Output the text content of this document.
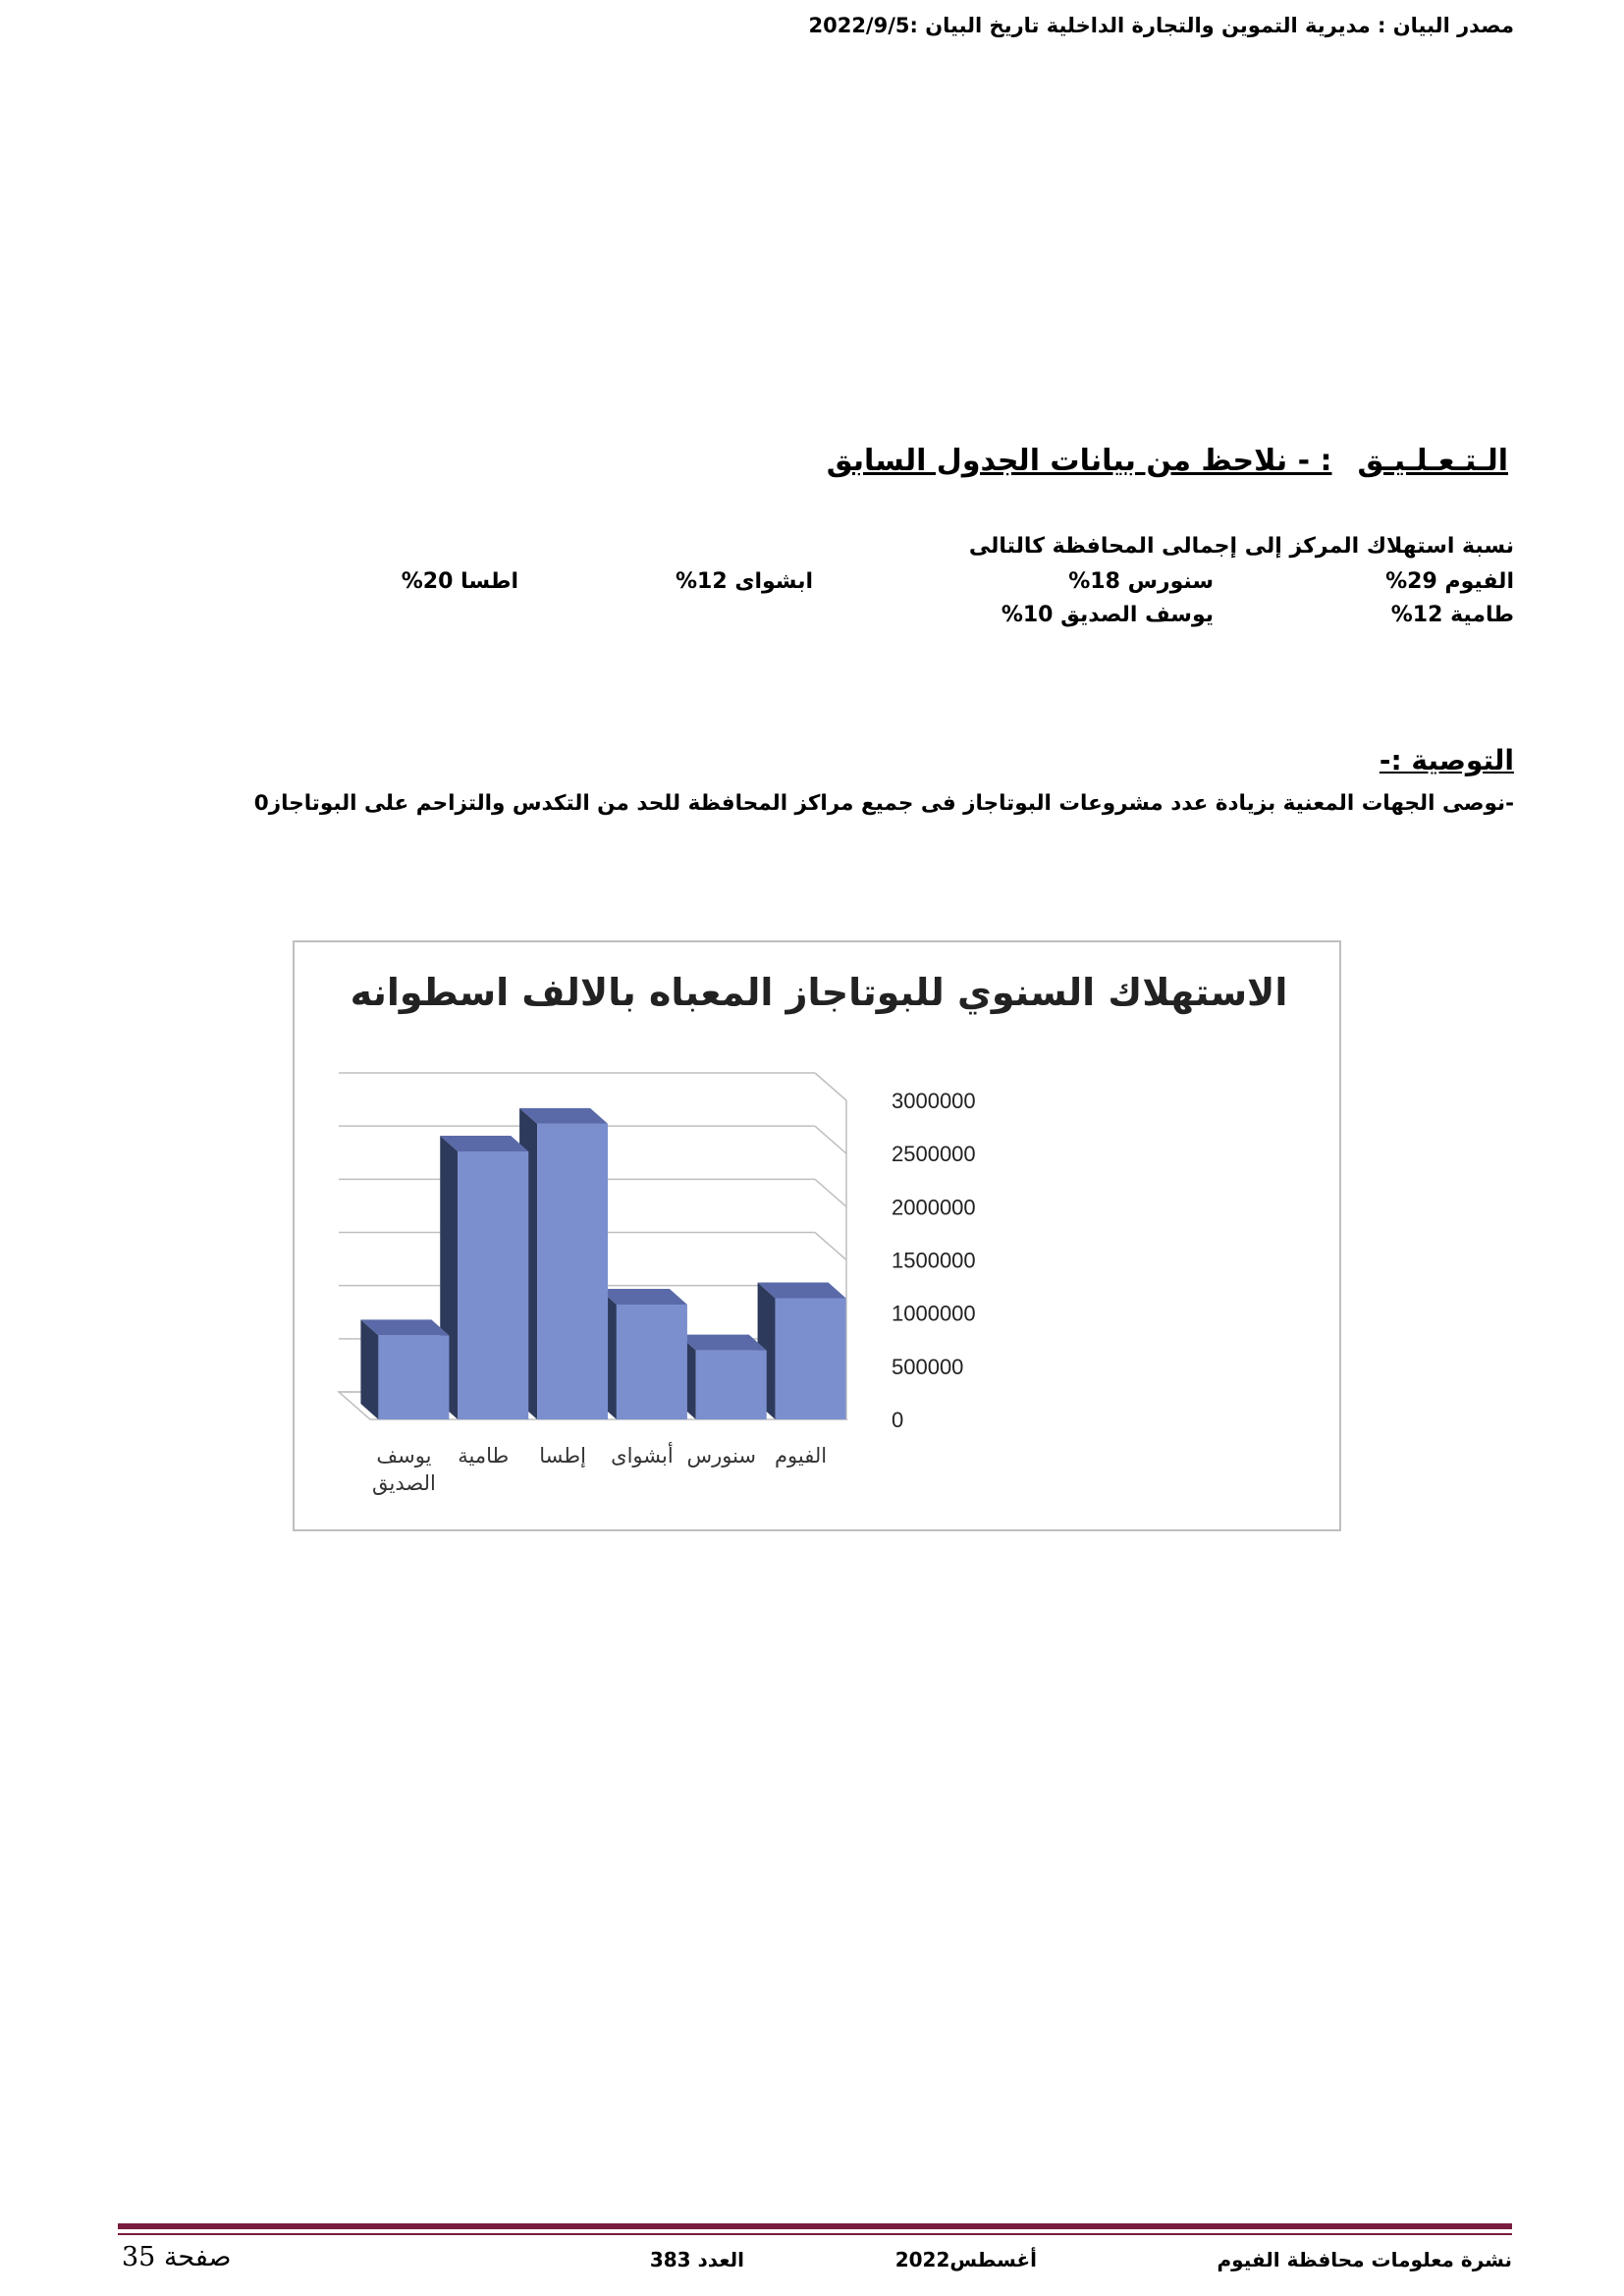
مصدر البيان : مديرية التموين والتجارة الداخلية تاريخ البيان :2022/9/5
الـتـعـلـيـق: - نلاحظ من بيانات الجدول السابق
نسبة استهلاك المركز إلى إجمالى المحافظة كالتالى
الفيوم 29%
سنورس 18%
ابشواى 12%
اطسا 20%
طامية 12%
يوسف الصديق 10%
التوصية :-
-نوصى الجهات المعنية بزيادة عدد مشروعات البوتاجاز فى جميع مراكز المحافظة للحد من التكدس والتزاحم على البوتاجاز0
الاستهلاك السنوي للبوتاجاز المعباه بالالف اسطوانه
0
500000
1000000
1500000
2000000
2500000
3000000
الفيوم
سنورس
أبشواى
إطسا
طامية
يوسف
الصديق
نشرة معلومات محافظة الفيوم
أغسطس2022
العدد 383
صفحة 35
